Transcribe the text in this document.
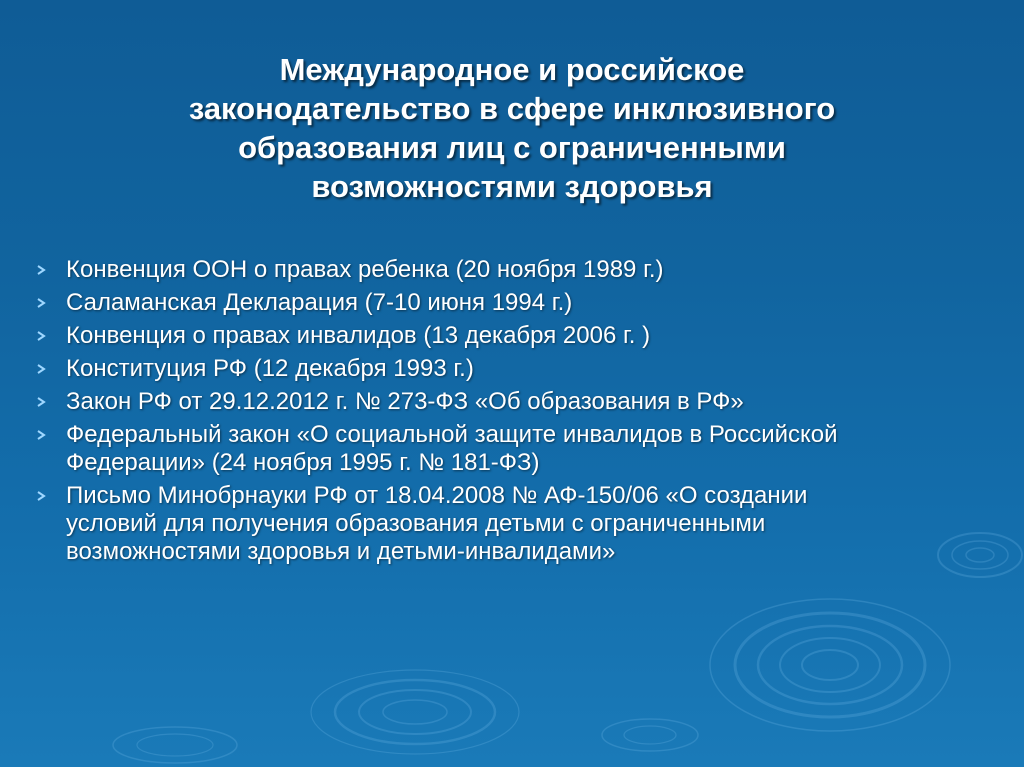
Международное и российское
законодательство в сфере инклюзивного
образования лиц с ограниченными
возможностями здоровья
Конвенция ООН о правах ребенка (20 ноября 1989 г.)
Саламанская Декларация (7-10 июня 1994 г.)
Конвенция о правах инвалидов (13 декабря 2006 г. )
Конституция РФ (12 декабря 1993 г.)
Закон РФ от 29.12.2012 г. № 273-ФЗ «Об образования в РФ»
Федеральный закон «О социальной защите инвалидов в Российской
Федерации» (24 ноября 1995 г. № 181-ФЗ)
Письмо Минобрнауки РФ от 18.04.2008 № АФ-150/06 «О создании
условий для получения образования детьми с ограниченными
возможностями здоровья и детьми-инвалидами»
